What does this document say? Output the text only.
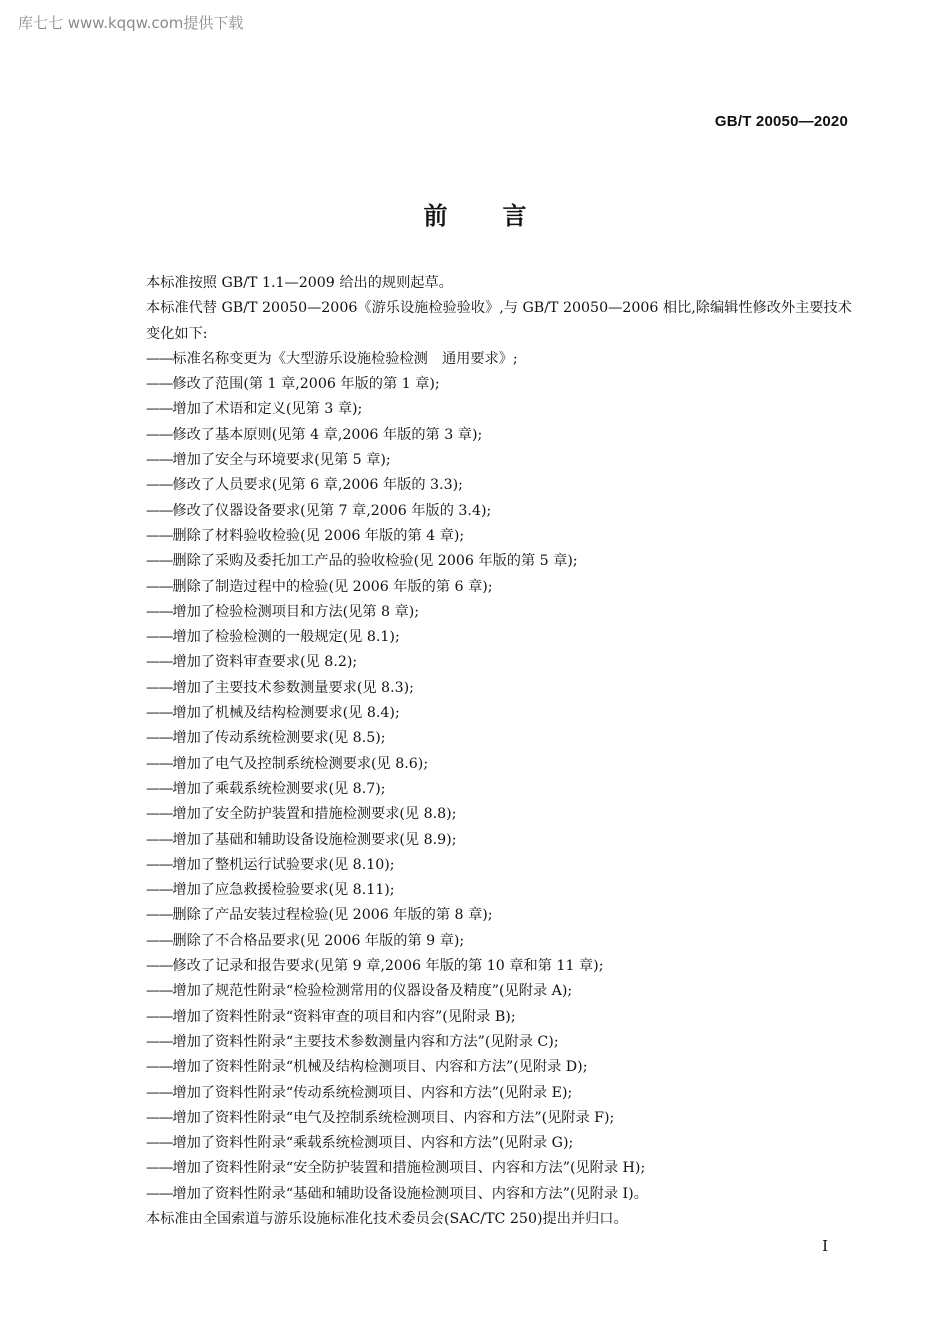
库七七 www.kqqw.com提供下载
GB/T 20050—2020
前言

本标准按照 GB/T 1.1—2009 给出的规则起草。

本标准代替 GB/T 20050—2006《游乐设施检验验收》,与 GB/T 20050—2006 相比,除编辑性修改外主要技术变化如下:

——标准名称变更为《大型游乐设施检验检测　通用要求》;

——修改了范围(第 1 章,2006 年版的第 1 章);

——增加了术语和定义(见第 3 章);

——修改了基本原则(见第 4 章,2006 年版的第 3 章);

——增加了安全与环境要求(见第 5 章);

——修改了人员要求(见第 6 章,2006 年版的 3.3);

——修改了仪器设备要求(见第 7 章,2006 年版的 3.4);

——删除了材料验收检验(见 2006 年版的第 4 章);

——删除了采购及委托加工产品的验收检验(见 2006 年版的第 5 章);

——删除了制造过程中的检验(见 2006 年版的第 6 章);

——增加了检验检测项目和方法(见第 8 章);

——增加了检验检测的一般规定(见 8.1);

——增加了资料审查要求(见 8.2);

——增加了主要技术参数测量要求(见 8.3);

——增加了机械及结构检测要求(见 8.4);

——增加了传动系统检测要求(见 8.5);

——增加了电气及控制系统检测要求(见 8.6);

——增加了乘载系统检测要求(见 8.7);

——增加了安全防护装置和措施检测要求(见 8.8);

——增加了基础和辅助设备设施检测要求(见 8.9);

——增加了整机运行试验要求(见 8.10);

——增加了应急救援检验要求(见 8.11);

——删除了产品安装过程检验(见 2006 年版的第 8 章);

——删除了不合格品要求(见 2006 年版的第 9 章);

——修改了记录和报告要求(见第 9 章,2006 年版的第 10 章和第 11 章);

——增加了规范性附录“检验检测常用的仪器设备及精度”(见附录 A);

——增加了资料性附录“资料审查的项目和内容”(见附录 B);

——增加了资料性附录“主要技术参数测量内容和方法”(见附录 C);

——增加了资料性附录“机械及结构检测项目、内容和方法”(见附录 D);

——增加了资料性附录“传动系统检测项目、内容和方法”(见附录 E);

——增加了资料性附录“电气及控制系统检测项目、内容和方法”(见附录 F);

——增加了资料性附录“乘载系统检测项目、内容和方法”(见附录 G);

——增加了资料性附录“安全防护装置和措施检测项目、内容和方法”(见附录 H);

——增加了资料性附录“基础和辅助设备设施检测项目、内容和方法”(见附录 I)。

本标准由全国索道与游乐设施标准化技术委员会(SAC/TC 250)提出并归口。

I
